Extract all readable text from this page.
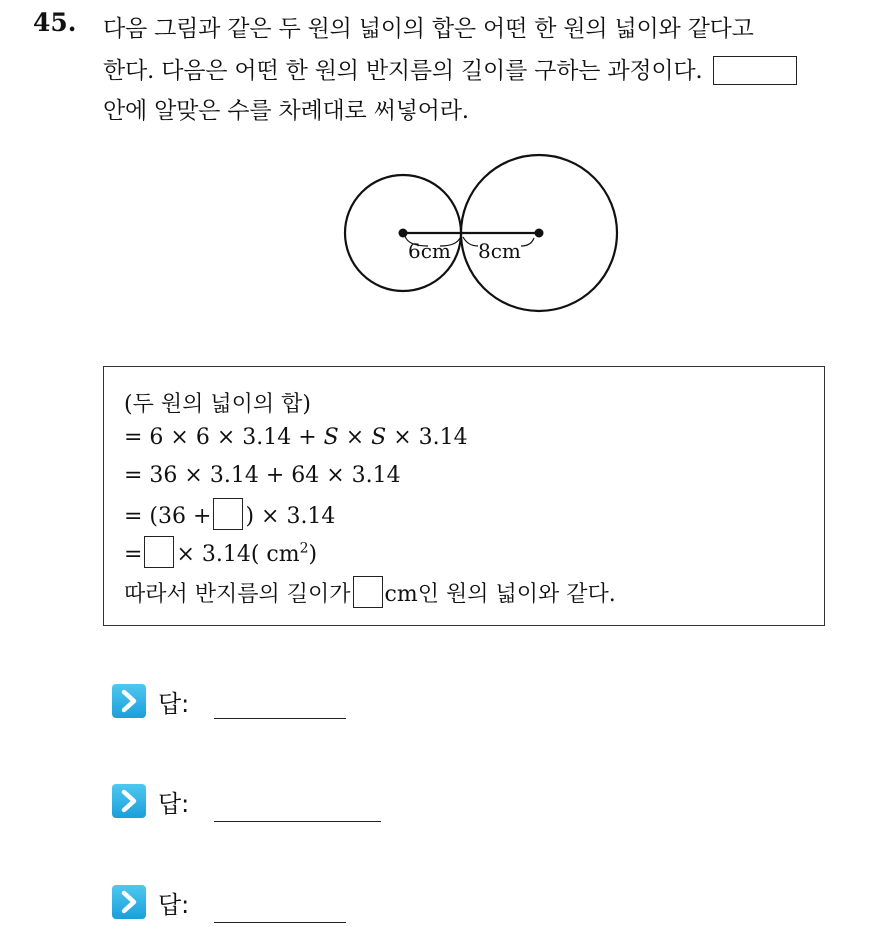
45. 다음 그림과 같은 두 원의 넓이의 합은 어떤 한 원의 넓이와 같다고
한다. 다음은 어떤 한 원의 반지름의 길이를 구하는 과정이다.
안에 알맞은 수를 차례대로 써넣어라.
6cm 8cm
(두 원의 넓이의 합)
= 6 × 6 × 3.14 + 𝑆 × 𝑆 × 3.14
= 36 × 3.14 + 64 × 3.14
= (36 + ) × 3.14
= × 3.14( $cm^2$)
따라서 반지름의 길이가 cm인 원의 넓이와 같다.
답:
답:
답:
